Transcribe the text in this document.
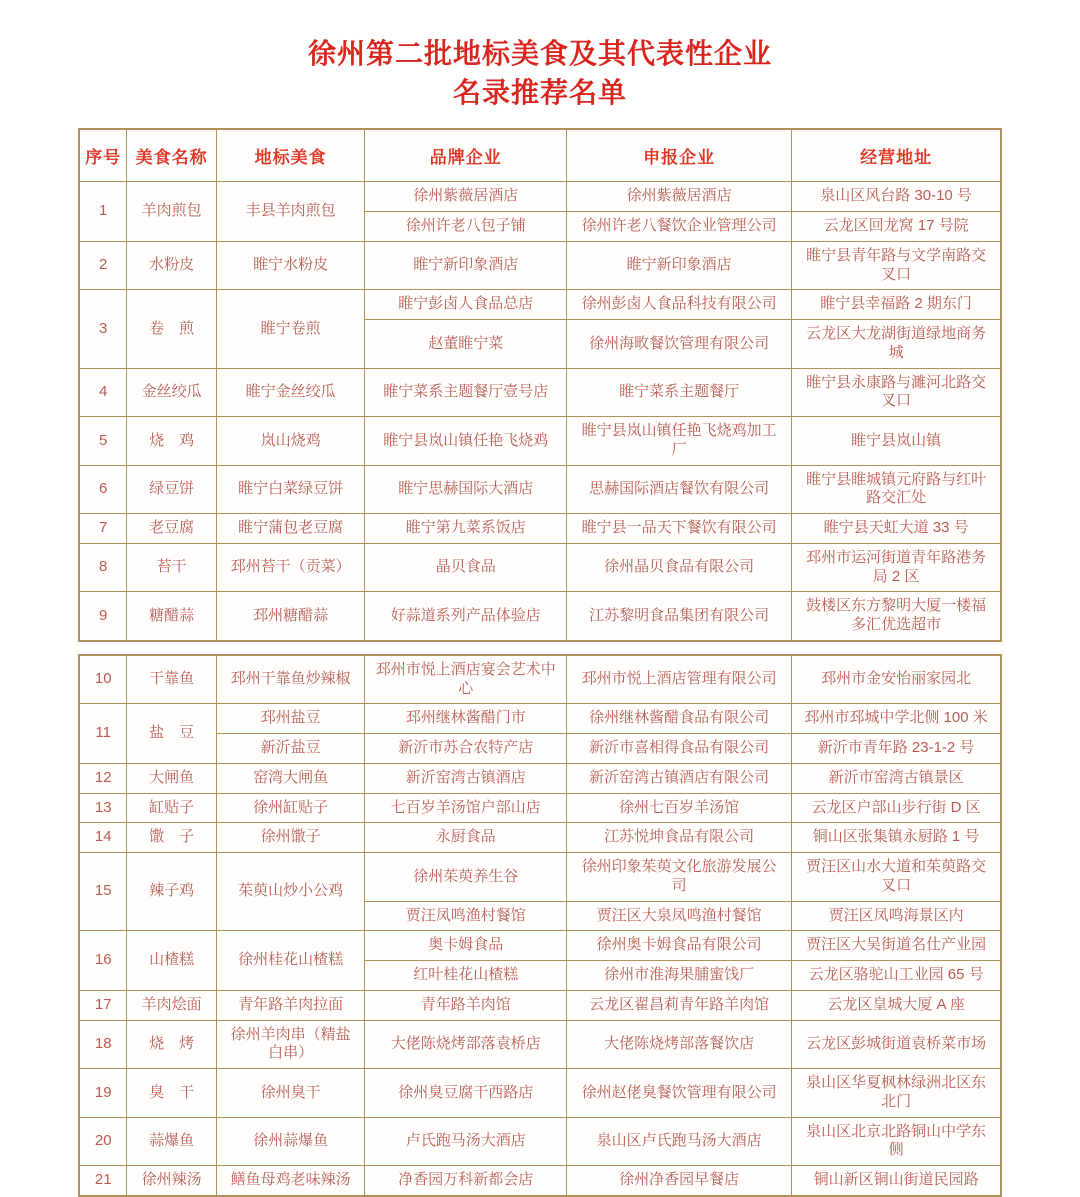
徐州第二批地标美食及其代表性企业
名录推荐名单
序号	美食名称	地标美食	品牌企业	申报企业	经营地址
1	羊肉煎包	丰县羊肉煎包	徐州紫薇居酒店	徐州紫薇居酒店	泉山区风台路 30-10 号
			徐州许老八包子铺	徐州许老八餐饮企业管理公司	云龙区回龙窝 17 号院
2	水粉皮	睢宁水粉皮	睢宁新印象酒店	睢宁新印象酒店	睢宁县青年路与文学南路交叉口
3	卷　煎	睢宁卷煎	睢宁彭卤人食品总店	徐州彭卤人食品科技有限公司	睢宁县幸福路 2 期东门
			赵董睢宁菜	徐州海畋餐饮管理有限公司	云龙区大龙湖街道绿地商务城
4	金丝绞瓜	睢宁金丝绞瓜	睢宁菜系主题餐厅壹号店	睢宁菜系主题餐厅	睢宁县永康路与濉河北路交叉口
5	烧　鸡	岚山烧鸡	睢宁县岚山镇任艳飞烧鸡	睢宁县岚山镇任艳飞烧鸡加工厂	睢宁县岚山镇
6	绿豆饼	睢宁白菜绿豆饼	睢宁思赫国际大酒店	思赫国际酒店餐饮有限公司	睢宁县睢城镇元府路与红叶路交汇处
7	老豆腐	睢宁蒲包老豆腐	睢宁第九菜系饭店	睢宁县一品天下餐饮有限公司	睢宁县天虹大道 33 号
8	苔干	邳州苔干（贡菜）	晶贝食品	徐州晶贝食品有限公司	邳州市运河街道青年路港务局 2 区
9	糖醋蒜	邳州糖醋蒜	好蒜道系列产品体验店	江苏黎明食品集团有限公司	鼓楼区东方黎明大厦一楼福多汇优选超市
10	干靠鱼	邳州干靠鱼炒辣椒	邳州市悦上酒店宴会艺术中心	邳州市悦上酒店管理有限公司	邳州市金安怡丽家园北
11	盐　豆	邳州盐豆	邳州继林酱醋门市	徐州继林酱醋食品有限公司	邳州市邳城中学北侧 100 米
		新沂盐豆	新沂市苏合农特产店	新沂市喜相得食品有限公司	新沂市青年路 23-1-2 号
12	大闸鱼	窑湾大闸鱼	新沂窑湾古镇酒店	新沂窑湾古镇酒店有限公司	新沂市窑湾古镇景区
13	缸贴子	徐州缸贴子	七百岁羊汤馆户部山店	徐州七百岁羊汤馆	云龙区户部山步行街 D 区
14	馓　子	徐州馓子	永厨食品	江苏悦坤食品有限公司	铜山区张集镇永厨路 1 号
15	辣子鸡	茱萸山炒小公鸡	徐州茱萸养生谷	徐州印象茱萸文化旅游发展公司	贾汪区山水大道和茱萸路交叉口
			贾汪凤鸣渔村餐馆	贾汪区大泉凤鸣渔村餐馆	贾汪区凤鸣海景区内
16	山楂糕	徐州桂花山楂糕	奥卡姆食品	徐州奥卡姆食品有限公司	贾汪区大吴街道名仕产业园
			红叶桂花山楂糕	徐州市淮海果脯蜜饯厂	云龙区骆驼山工业园 65 号
17	羊肉烩面	青年路羊肉拉面	青年路羊肉馆	云龙区翟昌莉青年路羊肉馆	云龙区皇城大厦 A 座
18	烧　烤	徐州羊肉串（精盐白串）	大佬陈烧烤部落袁桥店	大佬陈烧烤部落餐饮店	云龙区彭城街道袁桥菜市场
19	臭　干	徐州臭干	徐州臭豆腐干西路店	徐州赵佬臭餐饮管理有限公司	泉山区华夏枫林绿洲北区东北门
20	蒜爆鱼	徐州蒜爆鱼	卢氏跑马汤大酒店	泉山区卢氏跑马汤大酒店	泉山区北京北路铜山中学东侧
21	徐州辣汤	鳝鱼母鸡老味辣汤	净香园万科新都会店	徐州净香园早餐店	铜山新区铜山街道民园路
